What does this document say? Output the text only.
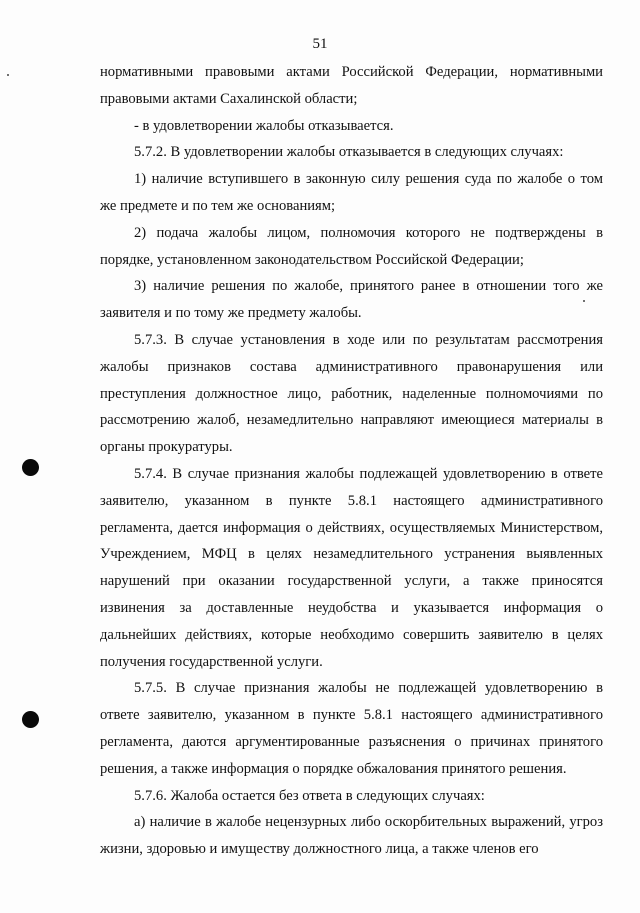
51

нормативными правовыми актами Российской Федерации, нормативными правовыми актами Сахалинской области;

- в удовлетворении жалобы отказывается.

5.7.2. В удовлетворении жалобы отказывается в следующих случаях:

1) наличие вступившего в законную силу решения суда по жалобе о том же предмете и по тем же основаниям;

2) подача жалобы лицом, полномочия которого не подтверждены в порядке, установленном законодательством Российской Федерации;

3) наличие решения по жалобе, принятого ранее в отношении того же заявителя и по тому же предмету жалобы.

5.7.3. В случае установления в ходе или по результатам рассмотрения жалобы признаков состава административного правонарушения или преступления должностное лицо, работник, наделенные полномочиями по рассмотрению жалоб, незамедлительно направляют имеющиеся материалы в органы прокуратуры.

5.7.4. В случае признания жалобы подлежащей удовлетворению в ответе заявителю, указанном в пункте 5.8.1 настоящего административного регламента, дается информация о действиях, осуществляемых Министерством, Учреждением, МФЦ в целях незамедлительного устранения выявленных нарушений при оказании государственной услуги, а также приносятся извинения за доставленные неудобства и указывается информация о дальнейших действиях, которые необходимо совершить заявителю в целях получения государственной услуги.

5.7.5. В случае признания жалобы не подлежащей удовлетворению в ответе заявителю, указанном в пункте 5.8.1 настоящего административного регламента, даются аргументированные разъяснения о причинах принятого решения, а также информация о порядке обжалования принятого решения.

5.7.6. Жалоба остается без ответа в следующих случаях:

а) наличие в жалобе нецензурных либо оскорбительных выражений, угроз жизни, здоровью и имуществу должностного лица, а также членов его
